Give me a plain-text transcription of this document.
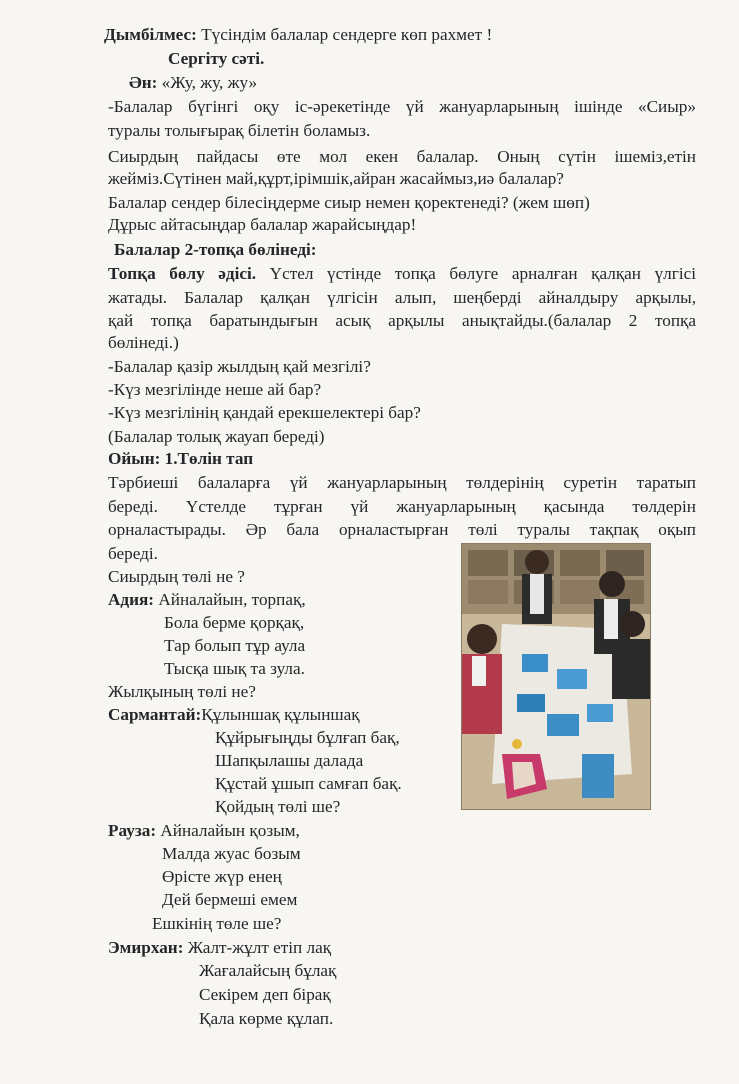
Дымбілмес: Түсіндім балалар сендерге көп рахмет !
Сергіту сәті.
Ән: «Жу, жу, жу»
-Балалар бүгінгі оқу іс-әрекетінде үй жануарларының ішінде «Сиыр»
туралы толығырақ білетін боламыз.
Сиырдың пайдасы өте мол екен балалар. Оның сүтін ішеміз,етін
жейміз.Сүтінен май,құрт,ірімшік,айран жасаймыз,иә балалар?
Балалар сендер білесіңдерме сиыр немен қоректенеді? (жем шөп)
Дұрыс айтасыңдар балалар жарайсыңдар!
Балалар 2-топқа бөлінеді:
Топқа бөлу әдісі. Үстел үстінде топқа бөлуге арналған қалқан үлгісі
жатады. Балалар қалқан үлгісін алып, шеңберді айналдыру арқылы,
қай топқа баратындығын асық арқылы анықтайды.(балалар 2 топқа
бөлінеді.)
-Балалар қазір жылдың қай мезгілі?
-Күз мезгілінде неше ай бар?
-Күз мезгілінің қандай ерекшелектері бар?
(Балалар толық жауап береді)
Ойын: 1.Төлін тап
Тәрбиеші балаларға үй жануарларының төлдерінің суретін таратып
береді. Үстелде тұрған үй жануарларының қасында төлдерін
орналастырады. Әр бала орналастырған төлі туралы тақпақ оқып
береді.
Сиырдың төлі не ?
Адия: Айналайын, торпақ,
Бола берме қорқақ,
Тар болып тұр аула
Тысқа шық та зула.
Жылқының төлі не?
Сармантай:Құлыншақ құлыншақ
Құйрығыңды бұлғап бақ,
Шапқылашы далада
Құстай ұшып самғап бақ.
Қойдың төлі ше?
Рауза: Айналайын қозым,
Малда жуас бозым
Өрісте жүр енең
Дей бермеші емем
Ешкінің төле ше?
Эмирхан: Жалт-жұлт етіп лақ
Жағалайсың бұлақ
Секірем деп бірақ
Қала көрме құлап.
